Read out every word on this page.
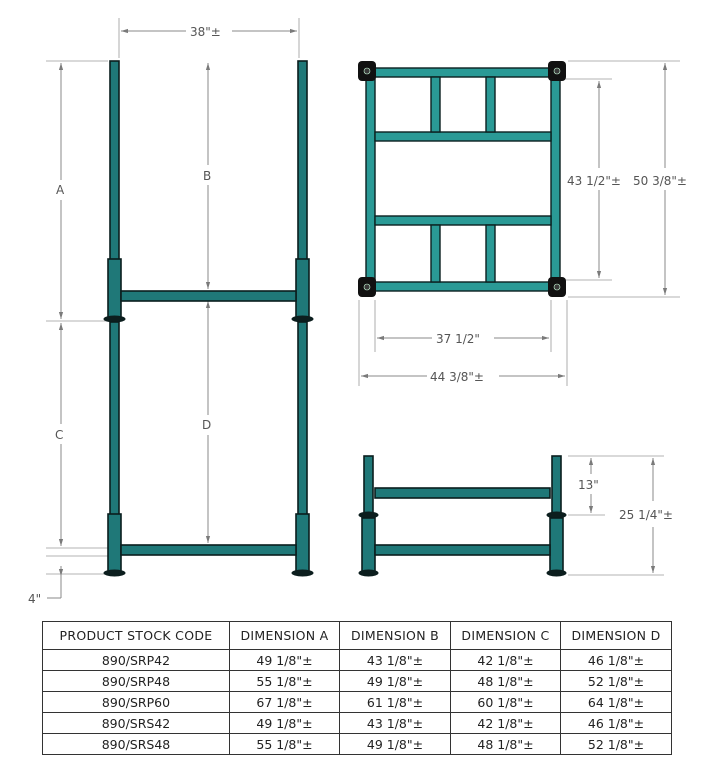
38"±
A
C
4"
B
D
43 1/2"± 50 3/8"±
37 1/2"
44 3/8"±
13"
25 1/4"±
PRODUCT STOCK CODE	DIMENSION A	DIMENSION B	DIMENSION C	DIMENSION D
890/SRP42	49 1/8"±	43 1/8"±	42 1/8"±	46 1/8"±
890/SRP48	55 1/8"±	49 1/8"±	48 1/8"±	52 1/8"±
890/SRP60	67 1/8"±	61 1/8"±	60 1/8"±	64 1/8"±
890/SRS42	49 1/8"±	43 1/8"±	42 1/8"±	46 1/8"±
890/SRS48	55 1/8"±	49 1/8"±	48 1/8"±	52 1/8"±
